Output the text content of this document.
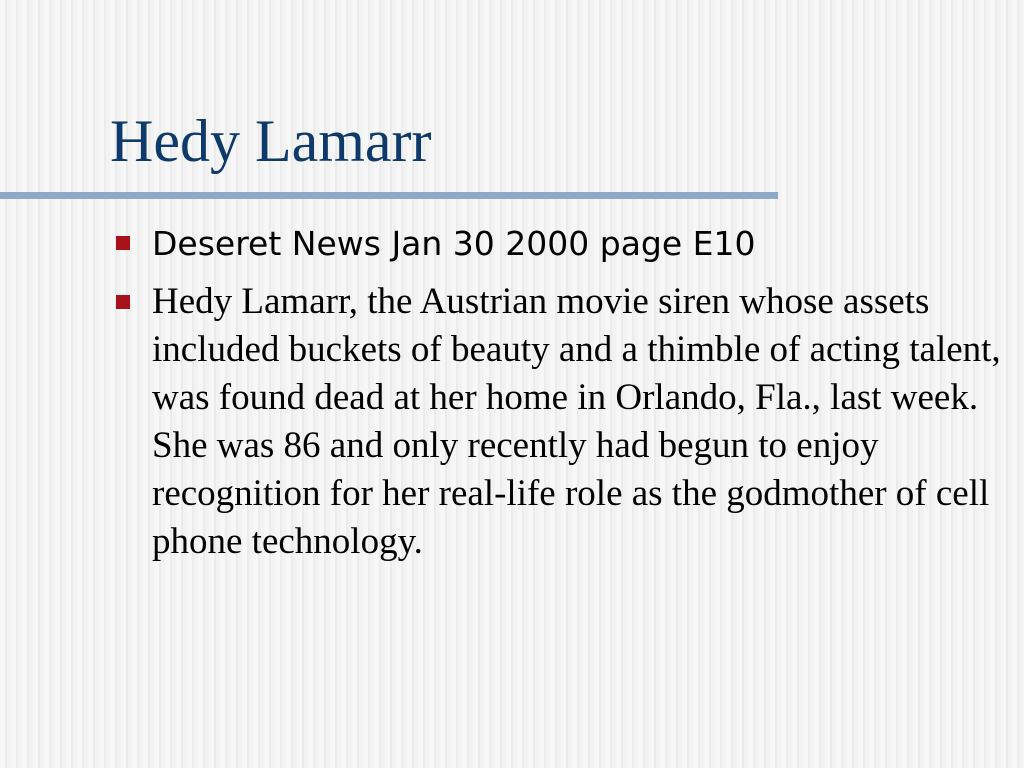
Hedy Lamarr
Deseret News Jan 30 2000 page E10
Hedy Lamarr, the Austrian movie siren whose assets included buckets of beauty and a thimble of acting talent, was found dead at her home in Orlando, Fla., last week. She was 86 and only recently had begun to enjoy recognition for her real-life role as the godmother of cell phone technology.
